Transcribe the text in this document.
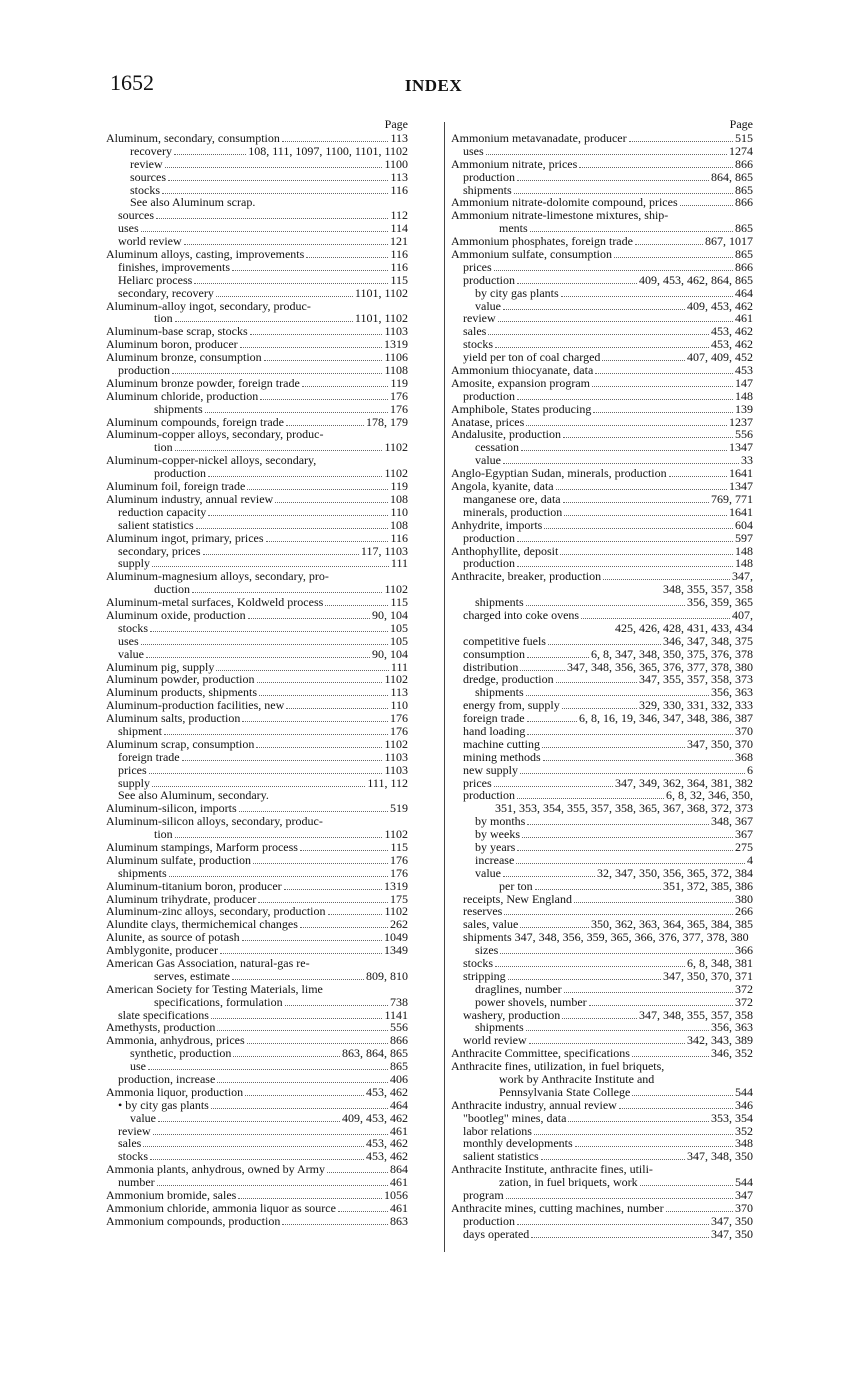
1652	INDEX
Page
Aluminum, secondary, consumption	113
recovery	108, 111, 1097, 1100, 1101, 1102
review	1100
sources	113
stocks	116
See also Aluminum scrap.
sources	112
uses	114
world review	121
Aluminum alloys, casting, improvements	116
finishes, improvements	116
Heliarc process	115
secondary, recovery	1101, 1102
Aluminum-alloy ingot, secondary, produc-
tion	1101, 1102
Aluminum-base scrap, stocks	1103
Aluminum boron, producer	1319
Aluminum bronze, consumption	1106
production	1108
Aluminum bronze powder, foreign trade	119
Aluminum chloride, production	176
shipments	176
Aluminum compounds, foreign trade	178, 179
Aluminum-copper alloys, secondary, produc-
tion	1102
Aluminum-copper-nickel alloys, secondary,
production	1102
Aluminum foil, foreign trade	119
Aluminum industry, annual review	108
reduction capacity	110
salient statistics	108
Aluminum ingot, primary, prices	116
secondary, prices	117, 1103
supply	111
Aluminum-magnesium alloys, secondary, pro-
duction	1102
Aluminum-metal surfaces, Koldweld process	115
Aluminum oxide, production	90, 104
stocks	105
uses	105
value	90, 104
Aluminum pig, supply	111
Aluminum powder, production	1102
Aluminum products, shipments	113
Aluminum-production facilities, new	110
Aluminum salts, production	176
shipment	176
Aluminum scrap, consumption	1102
foreign trade	1103
prices	1103
supply	111, 112
See also Aluminum, secondary.
Aluminum-silicon, imports	519
Aluminum-silicon alloys, secondary, produc-
tion	1102
Aluminum stampings, Marform process	115
Aluminum sulfate, production	176
shipments	176
Aluminum-titanium boron, producer	1319
Aluminum trihydrate, producer	175
Aluminum-zinc alloys, secondary, production	1102
Alundite clays, thermichemical changes	262
Alunite, as source of potash	1049
Amblygonite, producer	1349
American Gas Association, natural-gas re-
serves, estimate	809, 810
American Society for Testing Materials, lime
specifications, formulation	738
slate specifications	1141
Amethysts, production	556
Ammonia, anhydrous, prices	866
synthetic, production	863, 864, 865
use	865
production, increase	406
Ammonia liquor, production	453, 462
• by city gas plants	464
value	409, 453, 462
review	461
sales	453, 462
stocks	453, 462
Ammonia plants, anhydrous, owned by Army	864
number	461
Ammonium bromide, sales	1056
Ammonium chloride, ammonia liquor as source	461
Ammonium compounds, production	863
Page
Ammonium metavanadate, producer	515
uses	1274
Ammonium nitrate, prices	866
production	864, 865
shipments	865
Ammonium nitrate-dolomite compound, prices	866
Ammonium nitrate-limestone mixtures, ship-
ments	865
Ammonium phosphates, foreign trade	867, 1017
Ammonium sulfate, consumption	865
prices	866
production	409, 453, 462, 864, 865
by city gas plants	464
value	409, 453, 462
review	461
sales	453, 462
stocks	453, 462
yield per ton of coal charged	407, 409, 452
Ammonium thiocyanate, data	453
Amosite, expansion program	147
production	148
Amphibole, States producing	139
Anatase, prices	1237
Andalusite, production	556
cessation	1347
value	33
Anglo-Egyptian Sudan, minerals, production	1641
Angola, kyanite, data	1347
manganese ore, data	769, 771
minerals, production	1641
Anhydrite, imports	604
production	597
Anthophyllite, deposit	148
production	148
Anthracite, breaker, production	347,
348, 355, 357, 358
shipments	356, 359, 365
charged into coke ovens	407,
425, 426, 428, 431, 433, 434
competitive fuels	346, 347, 348, 375
consumption	6, 8, 347, 348, 350, 375, 376, 378
distribution	347, 348, 356, 365, 376, 377, 378, 380
dredge, production	347, 355, 357, 358, 373
shipments	356, 363
energy from, supply	329, 330, 331, 332, 333
foreign trade	6, 8, 16, 19, 346, 347, 348, 386, 387
hand loading	370
machine cutting	347, 350, 370
mining methods	368
new supply	6
prices	347, 349, 362, 364, 381, 382
production	6, 8, 32, 346, 350,
351, 353, 354, 355, 357, 358, 365, 367, 368, 372, 373
by months	348, 367
by weeks	367
by years	275
increase	4
value	32, 347, 350, 356, 365, 372, 384
per ton	351, 372, 385, 386
receipts, New England	380
reserves	266
sales, value	350, 362, 363, 364, 365, 384, 385
shipments 347, 348, 356, 359, 365, 366, 376, 377, 378, 380
sizes	366
stocks	6, 8, 348, 381
stripping	347, 350, 370, 371
draglines, number	372
power shovels, number	372
washery, production	347, 348, 355, 357, 358
shipments	356, 363
world review	342, 343, 389
Anthracite Committee, specifications	346, 352
Anthracite fines, utilization, in fuel briquets,
work by Anthracite Institute and
Pennsylvania State College	544
Anthracite industry, annual review	346
"bootleg" mines, data	353, 354
labor relations	352
monthly developments	348
salient statistics	347, 348, 350
Anthracite Institute, anthracite fines, utili-
zation, in fuel briquets, work	544
program	347
Anthracite mines, cutting machines, number	370
production	347, 350
days operated	347, 350
